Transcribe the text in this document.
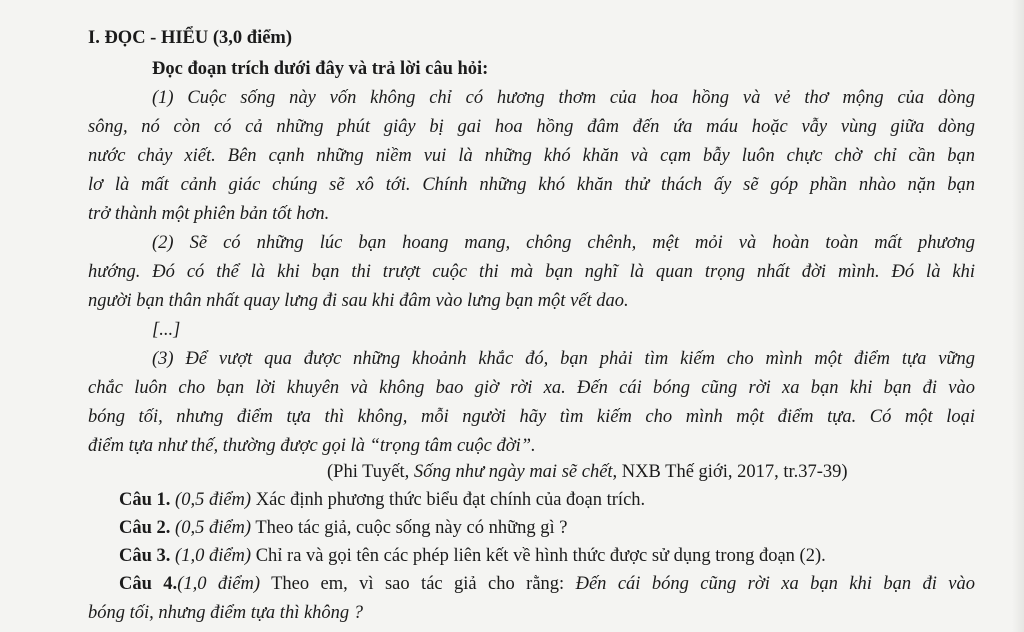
I. ĐỌC - HIỂU (3,0 điểm)
Đọc đoạn trích dưới đây và trả lời câu hỏi:
(1) Cuộc sống này vốn không chỉ có hương thơm của hoa hồng và vẻ thơ mộng của dòng
sông, nó còn có cả những phút giây bị gai hoa hồng đâm đến ứa máu hoặc vẫy vùng giữa dòng
nước chảy xiết. Bên cạnh những niềm vui là những khó khăn và cạm bẫy luôn chực chờ chỉ cần bạn
lơ là mất cảnh giác chúng sẽ xô tới. Chính những khó khăn thử thách ấy sẽ góp phần nhào nặn bạn
trở thành một phiên bản tốt hơn.
(2) Sẽ có những lúc bạn hoang mang, chông chênh, mệt mỏi và hoàn toàn mất phương
hướng. Đó có thể là khi bạn thi trượt cuộc thi mà bạn nghĩ là quan trọng nhất đời mình. Đó là khi
người bạn thân nhất quay lưng đi sau khi đâm vào lưng bạn một vết dao.
[...]
(3) Để vượt qua được những khoảnh khắc đó, bạn phải tìm kiếm cho mình một điểm tựa vững
chắc luôn cho bạn lời khuyên và không bao giờ rời xa. Đến cái bóng cũng rời xa bạn khi bạn đi vào
bóng tối, nhưng điểm tựa thì không, mỗi người hãy tìm kiếm cho mình một điểm tựa. Có một loại
điểm tựa như thế, thường được gọi là “trọng tâm cuộc đời”.
(Phi Tuyết, Sống như ngày mai sẽ chết, NXB Thế giới, 2017, tr.37-39)
Câu 1. (0,5 điểm) Xác định phương thức biểu đạt chính của đoạn trích.
Câu 2. (0,5 điểm) Theo tác giả, cuộc sống này có những gì ?
Câu 3. (1,0 điểm) Chỉ ra và gọi tên các phép liên kết về hình thức được sử dụng trong đoạn (2).
Câu 4.(1,0 điểm) Theo em, vì sao tác giả cho rằng: Đến cái bóng cũng rời xa bạn khi bạn đi vào
bóng tối, nhưng điểm tựa thì không ?
